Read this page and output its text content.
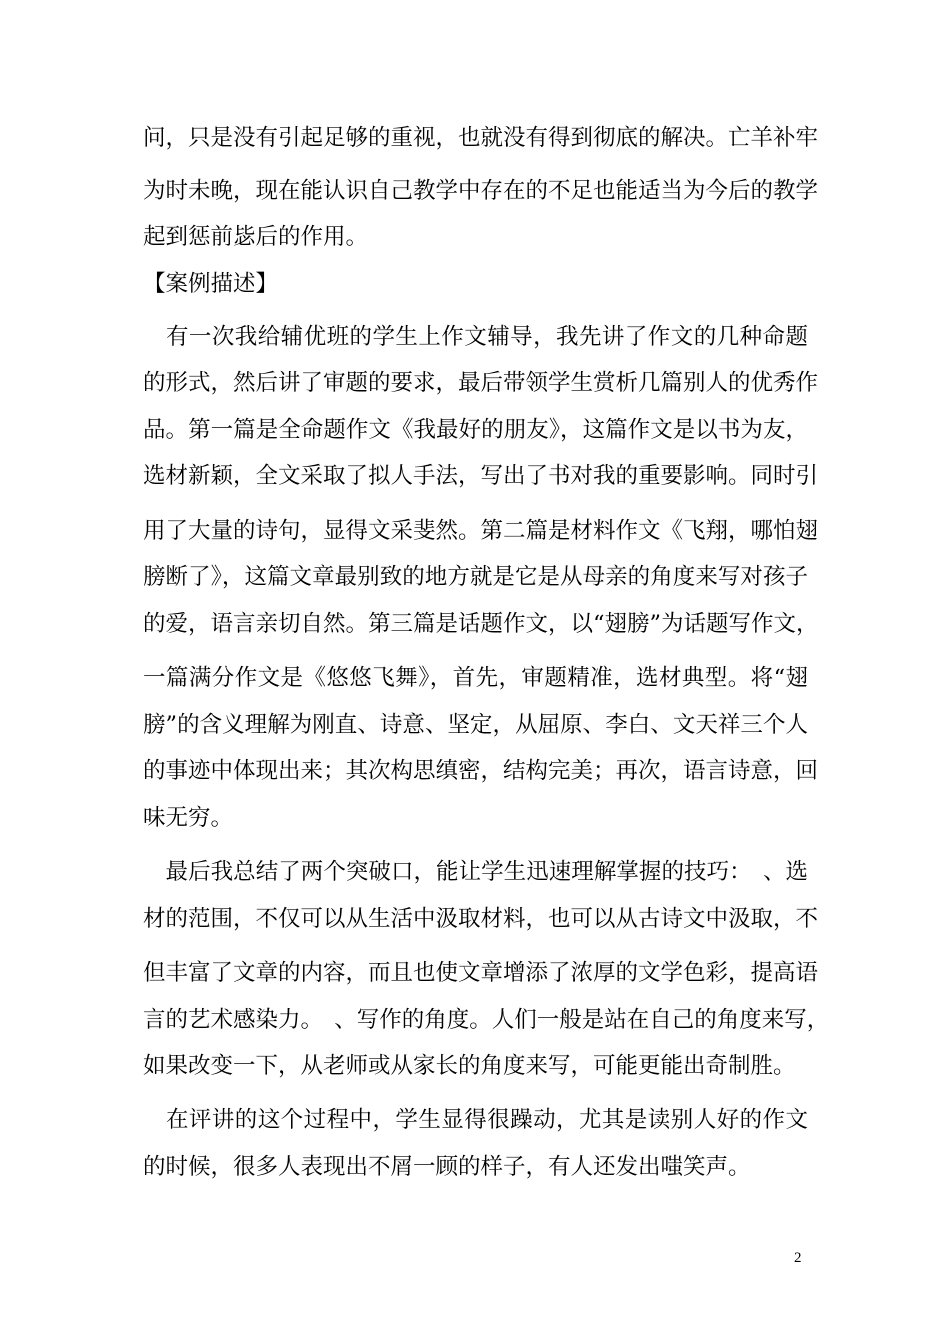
问，只是没有引起足够的重视，也就没有得到彻底的解决。亡羊补牢
为时未晚，现在能认识自己教学中存在的不足也能适当为今后的教学
起到惩前毖后的作用。
【案例描述】
　有一次我给辅优班的学生上作文辅导，我先讲了作文的几种命题
的形式，然后讲了审题的要求，最后带领学生赏析几篇别人的优秀作
品。第一篇是全命题作文《我最好的朋友》，这篇作文是以书为友，
选材新颖，全文采取了拟人手法，写出了书对我的重要影响。同时引
用了大量的诗句，显得文采斐然。第二篇是材料作文《飞翔，哪怕翅
膀断了》，这篇文章最别致的地方就是它是从母亲的角度来写对孩子
的爱，语言亲切自然。第三篇是话题作文，以“翅膀”为话题写作文，
一篇满分作文是《悠悠飞舞》，首先，审题精准，选材典型。将“翅
膀”的含义理解为刚直、诗意、坚定，从屈原、李白、文天祥三个人
的事迹中体现出来；其次构思缜密，结构完美；再次，语言诗意，回
味无穷。
　最后我总结了两个突破口，能让学生迅速理解掌握的技巧：　、选
材的范围，不仅可以从生活中汲取材料，也可以从古诗文中汲取，不
但丰富了文章的内容，而且也使文章增添了浓厚的文学色彩，提高语
言的艺术感染力。　、写作的角度。人们一般是站在自己的角度来写，
如果改变一下，从老师或从家长的角度来写，可能更能出奇制胜。
　在评讲的这个过程中，学生显得很躁动，尤其是读别人好的作文
的时候，很多人表现出不屑一顾的样子，有人还发出嗤笑声。
2
